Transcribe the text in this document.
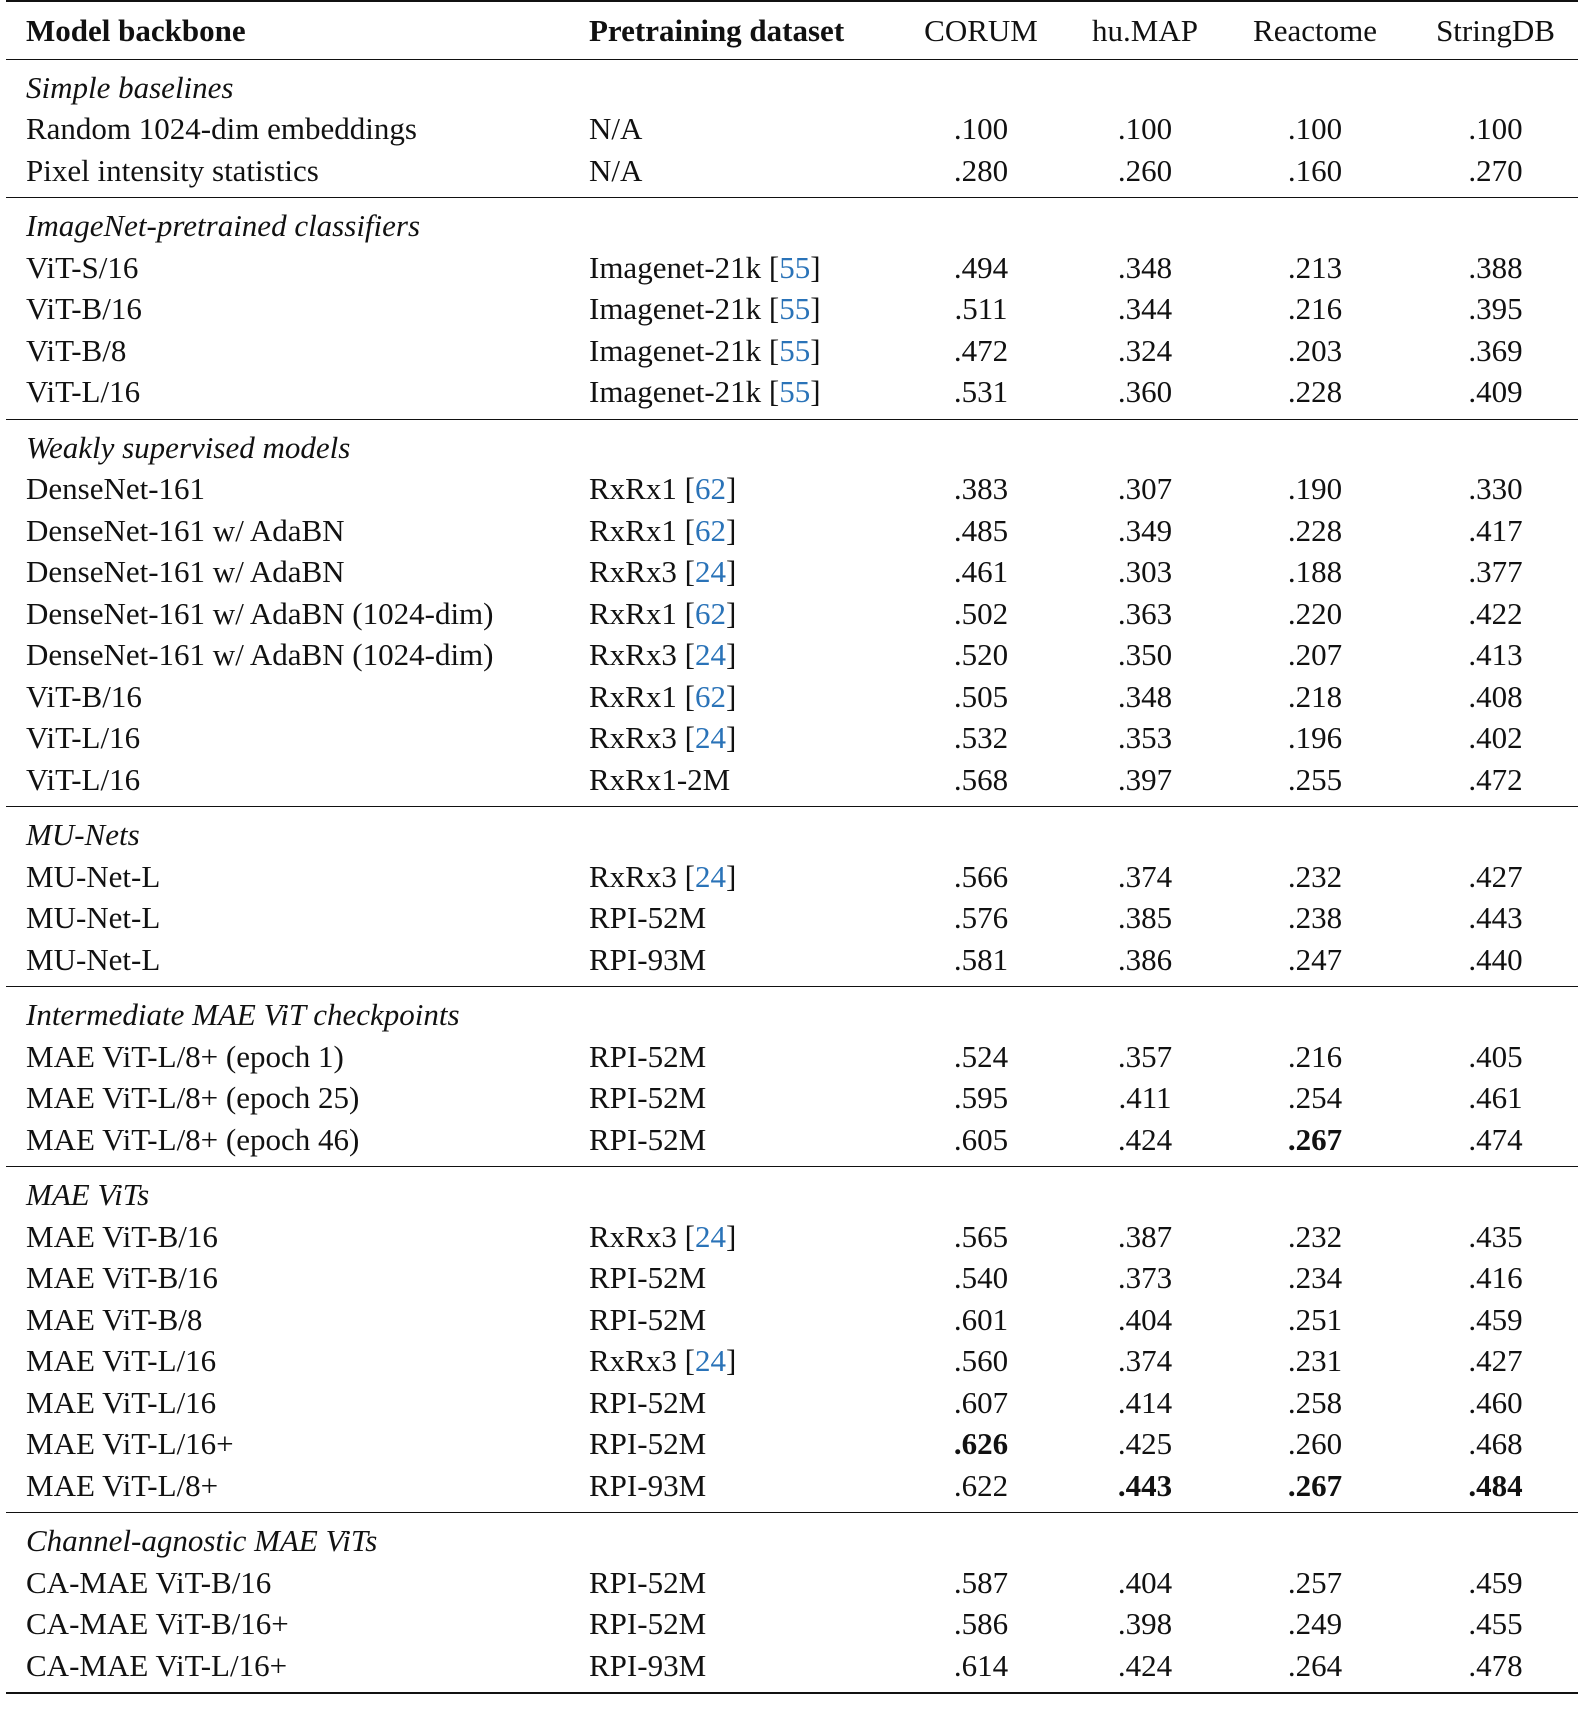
Model backbone	Pretraining dataset	CORUM	hu.MAP	Reactome	StringDB
Simple baselines					
Random 1024-dim embeddings	N/A	.100	.100	.100	.100
Pixel intensity statistics	N/A	.280	.260	.160	.270
ImageNet-pretrained classifiers					
ViT-S/16	Imagenet-21k [55]	.494	.348	.213	.388
ViT-B/16	Imagenet-21k [55]	.511	.344	.216	.395
ViT-B/8	Imagenet-21k [55]	.472	.324	.203	.369
ViT-L/16	Imagenet-21k [55]	.531	.360	.228	.409
Weakly supervised models					
DenseNet-161	RxRx1 [62]	.383	.307	.190	.330
DenseNet-161 w/ AdaBN	RxRx1 [62]	.485	.349	.228	.417
DenseNet-161 w/ AdaBN	RxRx3 [24]	.461	.303	.188	.377
DenseNet-161 w/ AdaBN (1024-dim)	RxRx1 [62]	.502	.363	.220	.422
DenseNet-161 w/ AdaBN (1024-dim)	RxRx3 [24]	.520	.350	.207	.413
ViT-B/16	RxRx1 [62]	.505	.348	.218	.408
ViT-L/16	RxRx3 [24]	.532	.353	.196	.402
ViT-L/16	RxRx1-2M	.568	.397	.255	.472
MU-Nets					
MU-Net-L	RxRx3 [24]	.566	.374	.232	.427
MU-Net-L	RPI-52M	.576	.385	.238	.443
MU-Net-L	RPI-93M	.581	.386	.247	.440
Intermediate MAE ViT checkpoints					
MAE ViT-L/8+ (epoch 1)	RPI-52M	.524	.357	.216	.405
MAE ViT-L/8+ (epoch 25)	RPI-52M	.595	.411	.254	.461
MAE ViT-L/8+ (epoch 46)	RPI-52M	.605	.424	.267	.474
MAE ViTs					
MAE ViT-B/16	RxRx3 [24]	.565	.387	.232	.435
MAE ViT-B/16	RPI-52M	.540	.373	.234	.416
MAE ViT-B/8	RPI-52M	.601	.404	.251	.459
MAE ViT-L/16	RxRx3 [24]	.560	.374	.231	.427
MAE ViT-L/16	RPI-52M	.607	.414	.258	.460
MAE ViT-L/16+	RPI-52M	.626	.425	.260	.468
MAE ViT-L/8+	RPI-93M	.622	.443	.267	.484
Channel-agnostic MAE ViTs					
CA-MAE ViT-B/16	RPI-52M	.587	.404	.257	.459
CA-MAE ViT-B/16+	RPI-52M	.586	.398	.249	.455
CA-MAE ViT-L/16+	RPI-93M	.614	.424	.264	.478
